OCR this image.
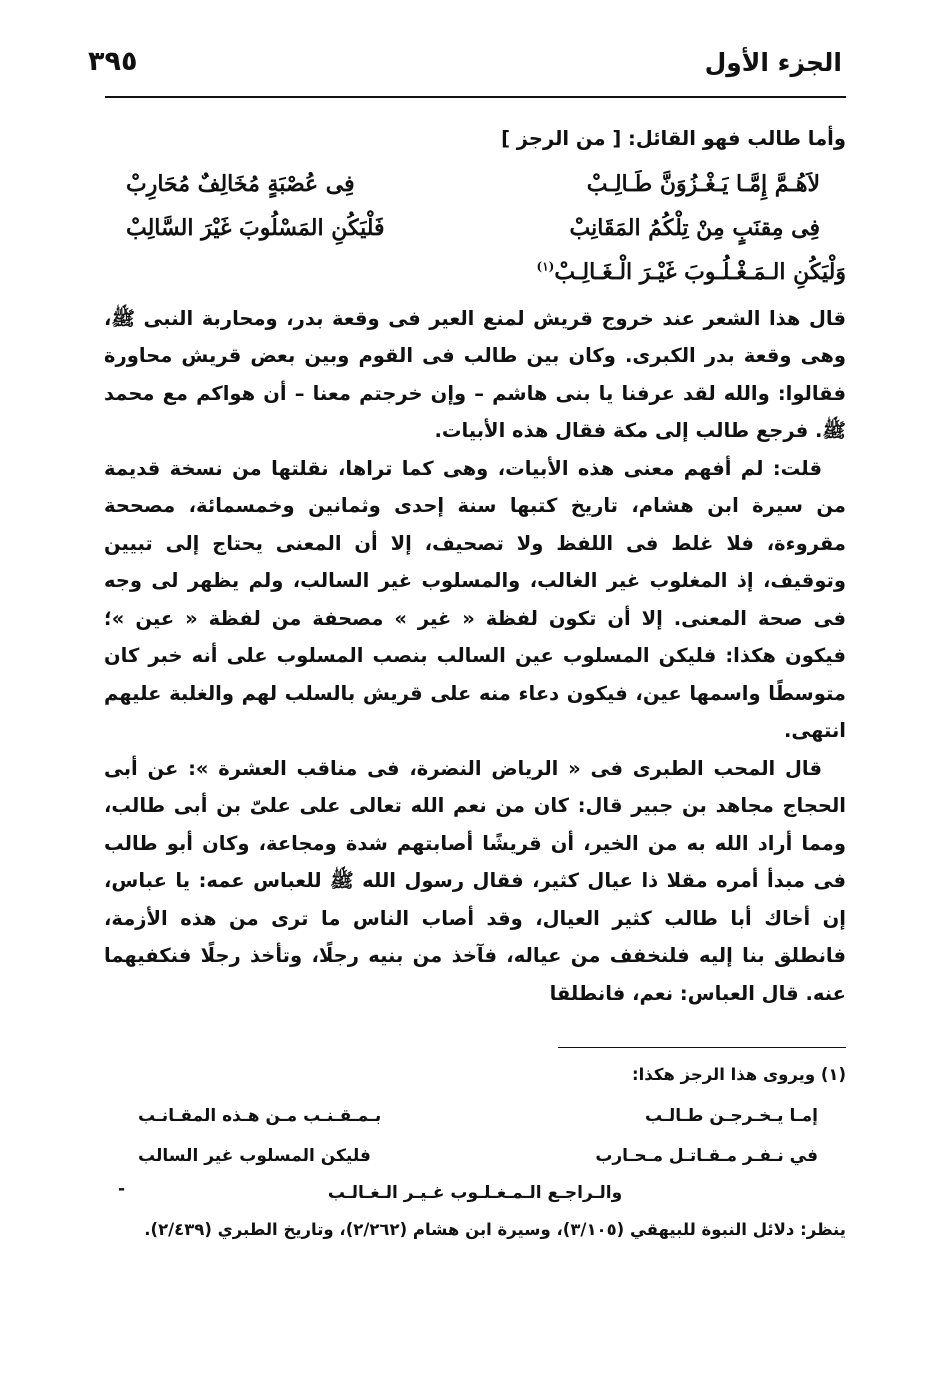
الجزء الأول
٣٩٥

وأما طالب فهو القائل: [ من الرجز ]

لاَهُـمَّ إِمَّـا يَـغْـزُوَنَّ طَـالِـبْ
فِى عُصْبَةٍ مُخَالِفٌ مُحَارِبْ
فِى مِقنَبٍ مِنْ تِلْكُمُ المَقَانِبْ
فَلْيَكُنِ المَسْلُوبَ غَيْرَ السَّالِبْ
وَلْيَكُنِ الـمَـغْـلُـوبَ غَيْـرَ الْـغَـالِـبْ$^{(١)}$

قال هذا الشعر عند خروج قريش لمنع العير فى وقعة بدر، ومحاربة النبى ﷺ، وهى وقعة بدر الكبرى. وكان بين طالب فى القوم وبين بعض قريش محاورة فقالوا: والله لقد عرفنا يا بنى هاشم – وإن خرجتم معنا – أن هواكم مع محمد ﷺ. فرجع طالب إلى مكة فقال هذه الأبيات.

قلت: لم أفهم معنى هذه الأبيات، وهى كما تراها، نقلتها من نسخة قديمة من سيرة ابن هشام، تاريخ كتبها سنة إحدى وثمانين وخمسمائة، مصححة مقروءة، فلا غلط فى اللفظ ولا تصحيف، إلا أن المعنى يحتاج إلى تبيين وتوقيف، إذ المغلوب غير الغالب، والمسلوب غير السالب، ولم يظهر لى وجه فى صحة المعنى. إلا أن تكون لفظة « غير » مصحفة من لفظة « عين »؛ فيكون هكذا: فليكن المسلوب عين السالب بنصب المسلوب على أنه خبر كان متوسطًا واسمها عين، فيكون دعاء منه على قريش بالسلب لهم والغلبة عليهم انتهى.

قال المحب الطبرى فى « الرياض النضرة، فى مناقب العشرة »: عن أبى الحجاج مجاهد بن جبير قال: كان من نعم الله تعالى على علىّ بن أبى طالب، ومما أراد الله به من الخير، أن قريشًا أصابتهم شدة ومجاعة، وكان أبو طالب فى مبدأ أمره مقلا ذا عيال كثير، فقال رسول الله ﷺ للعباس عمه: يا عباس، إن أخاك أبا طالب كثير العيال، وقد أصاب الناس ما ترى من هذه الأزمة، فانطلق بنا إليه فلنخفف من عياله، فآخذ من بنيه رجلًا، وتأخذ رجلًا فنكفيهما عنه. قال العباس: نعم، فانطلقا

(١) ويروى هذا الرجز هكذا:

إمـا يـخـرجـن طـالـب
بـمـقـنـب مـن هـذه المقـانـب
في نـفـر مـقـاتـل مـحـارب
فليكن المسلوب غير السالب
-	والـراجـع الـمـغـلـوب غـيـر الـغـالـب

ينظر: دلائل النبوة للبيهقي (٣/١٠٥)، وسيرة ابن هشام (٢/٢٦٢)، وتاريخ الطبري (٢/٤٣٩).
